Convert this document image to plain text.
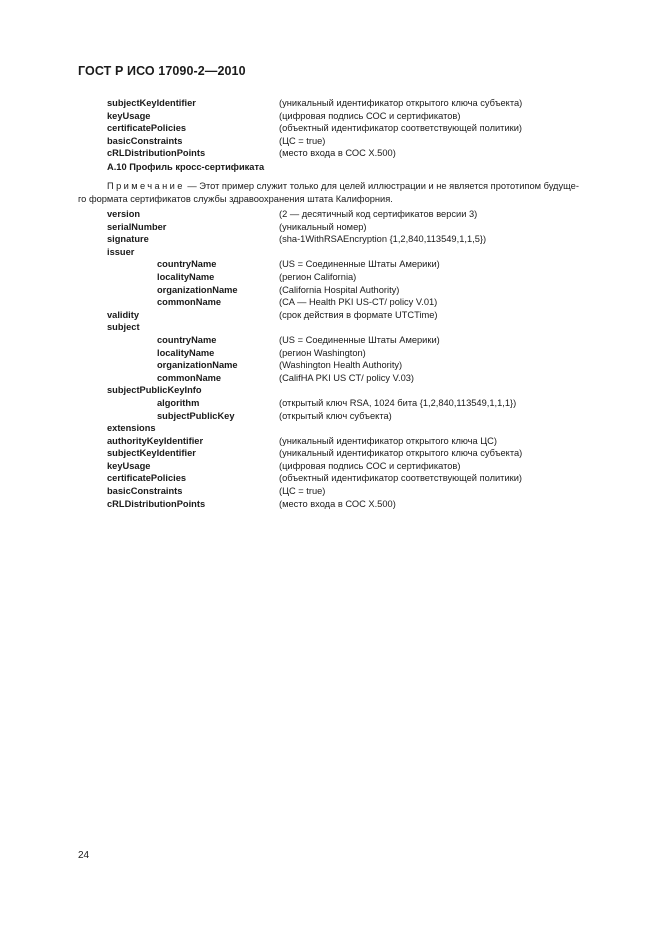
ГОСТ Р ИСО 17090-2—2010
subjectKeyIdentifier	(уникальный идентификатор открытого ключа субъекта)
keyUsage	(цифровая подпись СОС и сертификатов)
certificatePolicies	(объектный идентификатор соответствующей политики)
basicConstraints	(ЦС = true)
cRLDistributionPoints	(место входа в СОС X.500)
A.10 Профиль кросс-сертификата
Примечание — Этот пример служит только для целей иллюстрации и не является прототипом будуще-
го формата сертификатов службы здравоохранения штата Калифорния.
version	(2 — десятичный код сертификатов версии 3)
serialNumber	(уникальный номер)
signature	(sha-1WithRSAEncryption {1,2,840,113549,1,1,5})
issuer
countryName	(US = Соединенные Штаты Америки)
localityName	(регион California)
organizationName	(California Hospital Authority)
commonName	(CA — Health PKI US-CT/ policy V.01)
validity	(срок действия в формате UTCTime)
subject
countryName	(US = Соединенные Штаты Америки)
localityName	(регион Washington)
organizationName	(Washington Health Authority)
commonName	(CalifHA PKI US CT/ policy V.03)
subjectPublicKeyInfo
algorithm	(открытый ключ RSA, 1024 бита {1,2,840,113549,1,1,1})
subjectPublicKey	(открытый ключ субъекта)
extensions
authorityKeyIdentifier	(уникальный идентификатор открытого ключа ЦС)
subjectKeyIdentifier	(уникальный идентификатор открытого ключа субъекта)
keyUsage	(цифровая подпись СОС и сертификатов)
certificatePolicies	(объектный идентификатор соответствующей политики)
basicConstraints	(ЦС = true)
cRLDistributionPoints	(место входа в СОС X.500)
24
